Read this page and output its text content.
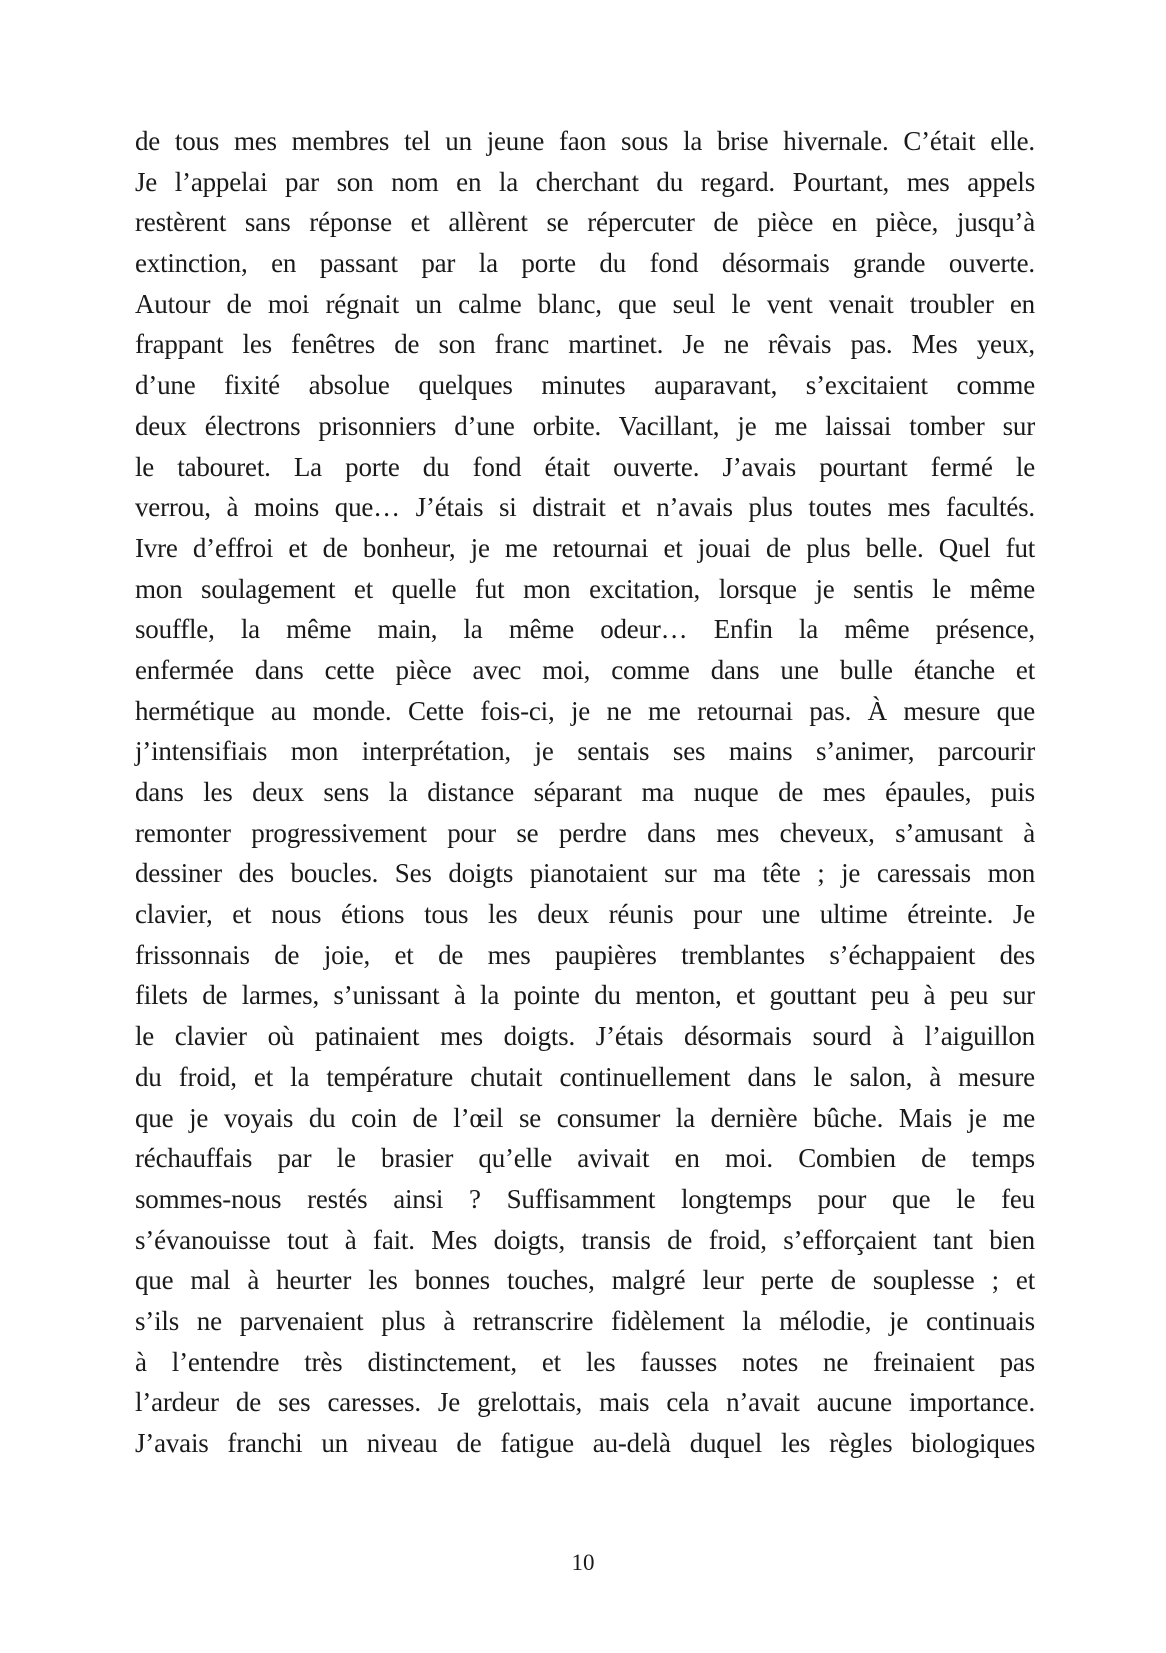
de tous mes membres tel un jeune faon sous la brise hivernale. C’était elle.
Je l’appelai par son nom en la cherchant du regard. Pourtant, mes appels
restèrent sans réponse et allèrent se répercuter de pièce en pièce, jusqu’à
extinction, en passant par la porte du fond désormais grande ouverte.
Autour de moi régnait un calme blanc, que seul le vent venait troubler en
frappant les fenêtres de son franc martinet. Je ne rêvais pas. Mes yeux,
d’une fixité absolue quelques minutes auparavant, s’excitaient comme
deux électrons prisonniers d’une orbite. Vacillant, je me laissai tomber sur
le tabouret. La porte du fond était ouverte. J’avais pourtant fermé le
verrou, à moins que… J’étais si distrait et n’avais plus toutes mes facultés.
Ivre d’effroi et de bonheur, je me retournai et jouai de plus belle. Quel fut
mon soulagement et quelle fut mon excitation, lorsque je sentis le même
souffle, la même main, la même odeur… Enfin la même présence,
enfermée dans cette pièce avec moi, comme dans une bulle étanche et
hermétique au monde. Cette fois-ci, je ne me retournai pas. À mesure que
j’intensifiais mon interprétation, je sentais ses mains s’animer, parcourir
dans les deux sens la distance séparant ma nuque de mes épaules, puis
remonter progressivement pour se perdre dans mes cheveux, s’amusant à
dessiner des boucles. Ses doigts pianotaient sur ma tête ; je caressais mon
clavier, et nous étions tous les deux réunis pour une ultime étreinte. Je
frissonnais de joie, et de mes paupières tremblantes s’échappaient des
filets de larmes, s’unissant à la pointe du menton, et gouttant peu à peu sur
le clavier où patinaient mes doigts. J’étais désormais sourd à l’aiguillon
du froid, et la température chutait continuellement dans le salon, à mesure
que je voyais du coin de l’œil se consumer la dernière bûche. Mais je me
réchauffais par le brasier qu’elle avivait en moi. Combien de temps
sommes-nous restés ainsi ? Suffisamment longtemps pour que le feu
s’évanouisse tout à fait. Mes doigts, transis de froid, s’efforçaient tant bien
que mal à heurter les bonnes touches, malgré leur perte de souplesse ; et
s’ils ne parvenaient plus à retranscrire fidèlement la mélodie, je continuais
à l’entendre très distinctement, et les fausses notes ne freinaient pas
l’ardeur de ses caresses. Je grelottais, mais cela n’avait aucune importance.
J’avais franchi un niveau de fatigue au-delà duquel les règles biologiques
10
